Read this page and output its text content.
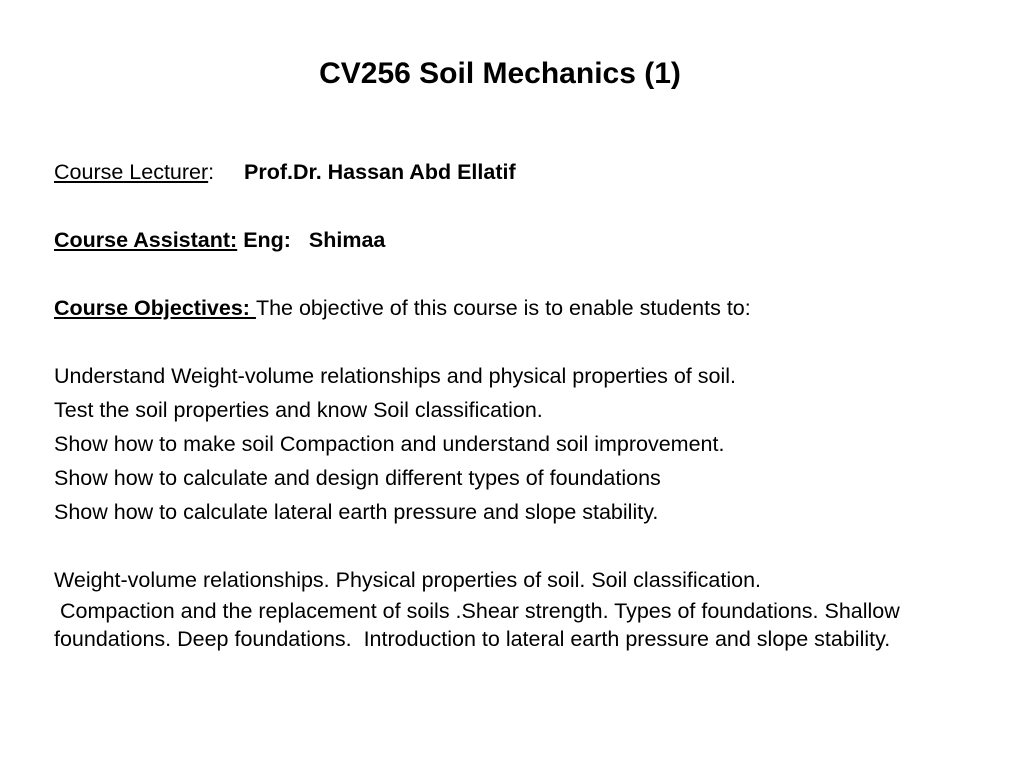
CV256 Soil Mechanics (1)
Course Lecturer: Prof.Dr. Hassan Abd Ellatif
Course Assistant: Eng:   Shimaa
Course Objectives: The objective of this course is to enable students to:
Understand Weight-volume relationships and physical properties of soil.
Test the soil properties and know Soil classification.
Show how to make soil Compaction and understand soil improvement.
Show how to calculate and design different types of foundations
Show how to calculate lateral earth pressure and slope stability.
Weight-volume relationships. Physical properties of soil. Soil classification.
Compaction and the replacement of soils .Shear strength. Types of foundations. Shallow foundations. Deep foundations.  Introduction to lateral earth pressure and slope stability.
